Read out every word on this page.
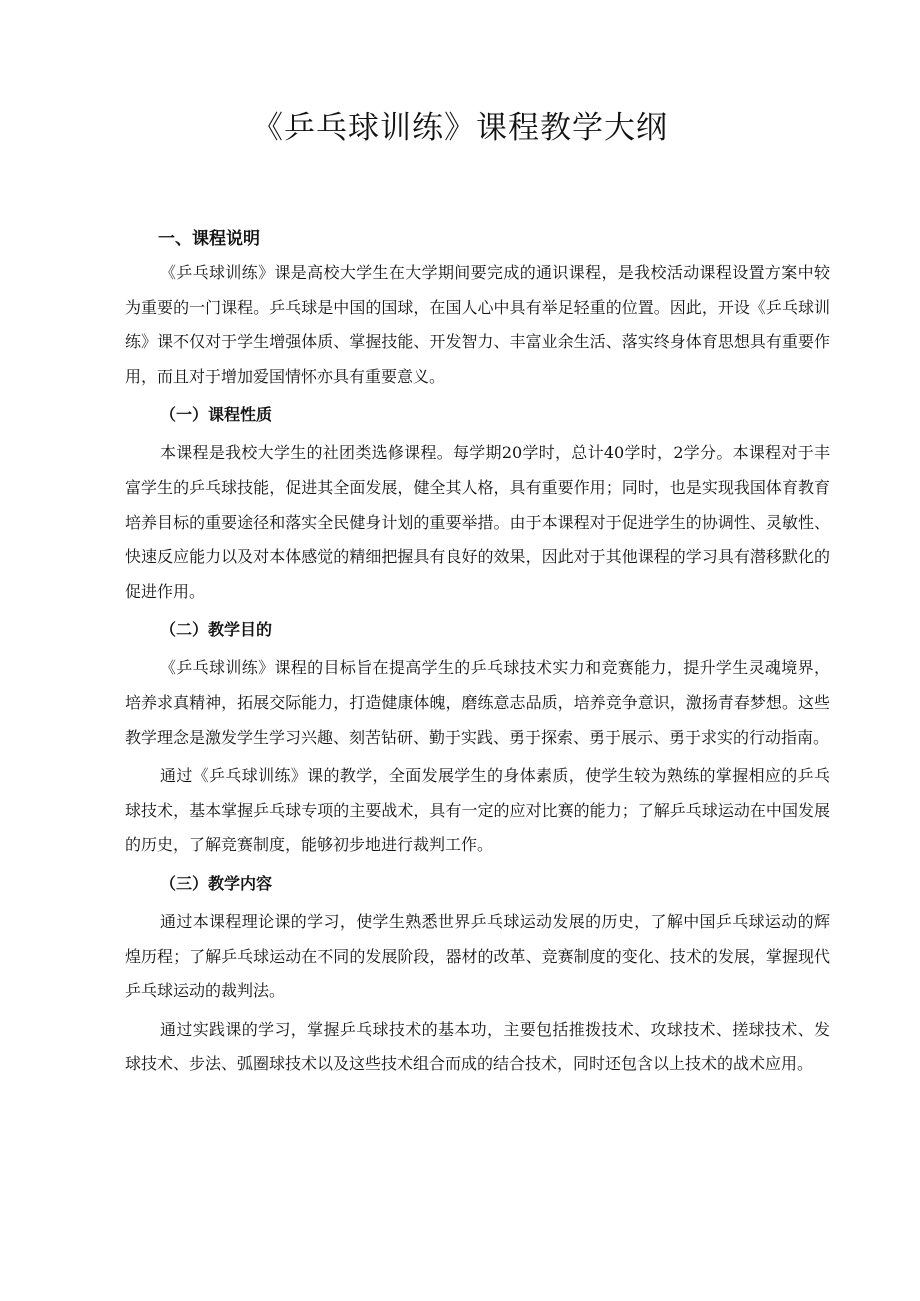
《乒乓球训练》课程教学大纲

一、课程说明

《乒乓球训练》课是高校大学生在大学期间要完成的通识课程，是我校活动课程设置方案中较为重要的一门课程。乒乓球是中国的国球，在国人心中具有举足轻重的位置。因此，开设《乒乓球训练》课不仅对于学生增强体质、掌握技能、开发智力、丰富业余生活、落实终身体育思想具有重要作用，而且对于增加爱国情怀亦具有重要意义。

（一）课程性质

本课程是我校大学生的社团类选修课程。每学期20学时，总计40学时，2学分。本课程对于丰富学生的乒乓球技能，促进其全面发展，健全其人格，具有重要作用；同时，也是实现我国体育教育培养目标的重要途径和落实全民健身计划的重要举措。由于本课程对于促进学生的协调性、灵敏性、快速反应能力以及对本体感觉的精细把握具有良好的效果，因此对于其他课程的学习具有潜移默化的促进作用。

（二）教学目的

《乒乓球训练》课程的目标旨在提高学生的乒乓球技术实力和竞赛能力，提升学生灵魂境界，培养求真精神，拓展交际能力，打造健康体魄，磨练意志品质，培养竞争意识，激扬青春梦想。这些教学理念是激发学生学习兴趣、刻苦钻研、勤于实践、勇于探索、勇于展示、勇于求实的行动指南。

通过《乒乓球训练》课的教学，全面发展学生的身体素质，使学生较为熟练的掌握相应的乒乓球技术，基本掌握乒乓球专项的主要战术，具有一定的应对比赛的能力；了解乒乓球运动在中国发展的历史，了解竞赛制度，能够初步地进行裁判工作。

（三）教学内容

通过本课程理论课的学习，使学生熟悉世界乒乓球运动发展的历史，了解中国乒乓球运动的辉煌历程；了解乒乓球运动在不同的发展阶段，器材的改革、竞赛制度的变化、技术的发展，掌握现代乒乓球运动的裁判法。

通过实践课的学习，掌握乒乓球技术的基本功，主要包括推拨技术、攻球技术、搓球技术、发球技术、步法、弧圈球技术以及这些技术组合而成的结合技术，同时还包含以上技术的战术应用。
